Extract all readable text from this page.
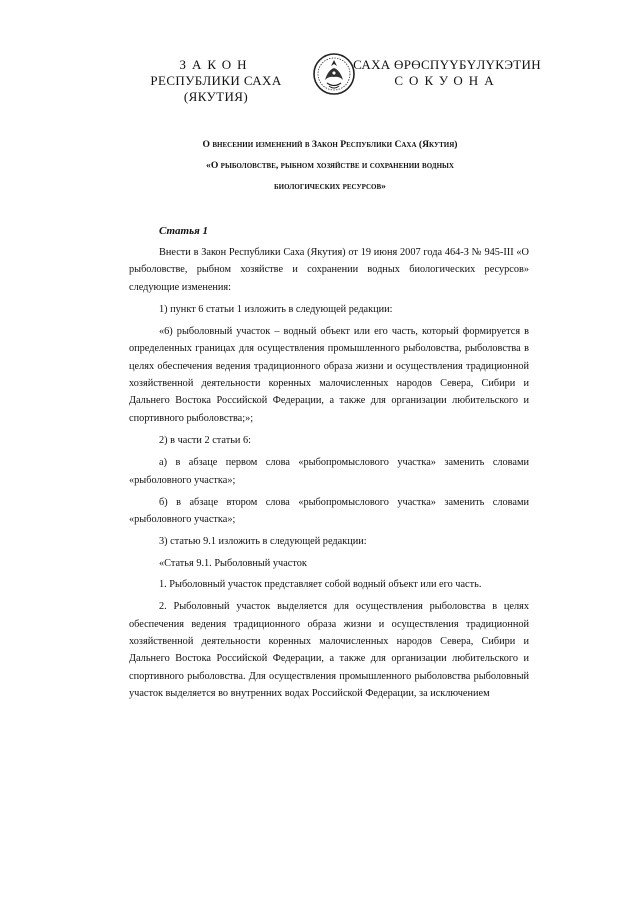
ЗАКОН
РЕСПУБЛИКИ САХА (ЯКУТИЯ)
САХА ӨРӨСПҮҮБҮЛҮКЭТИН
СОКУОНА
О внесении изменений в Закон Республики Саха (Якутия)
«О рыболовстве, рыбном хозяйстве и сохранении водных
биологических ресурсов»
Статья 1

Внести в Закон Республики Саха (Якутия) от 19 июня 2007 года 464-З № 945-III «О рыболовстве, рыбном хозяйстве и сохранении водных биологических ресурсов» следующие изменения:

1) пункт 6 статьи 1 изложить в следующей редакции:

«6) рыболовный участок – водный объект или его часть, который формируется в определенных границах для осуществления промышленного рыболовства, рыболовства в целях обеспечения ведения традиционного образа жизни и осуществления традиционной хозяйственной деятельности коренных малочисленных народов Севера, Сибири и Дальнего Востока Российской Федерации, а также для организации любительского и спортивного рыболовства;»;

2) в части 2 статьи 6:

а) в абзаце первом слова «рыбопромыслового участка» заменить словами «рыболовного участка»;

б) в абзаце втором слова «рыбопромыслового участка» заменить словами «рыболовного участка»;

3) статью 9.1 изложить в следующей редакции:

«Статья 9.1. Рыболовный участок

1. Рыболовный участок представляет собой водный объект или его часть.

2. Рыболовный участок выделяется для осуществления рыболовства в целях обеспечения ведения традиционного образа жизни и осуществления традиционной хозяйственной деятельности коренных малочисленных народов Севера, Сибири и Дальнего Востока Российской Федерации, а также для организации любительского и спортивного рыболовства. Для осуществления промышленного рыболовства рыболовный участок выделяется во внутренних водах Российской Федерации, за исключением
